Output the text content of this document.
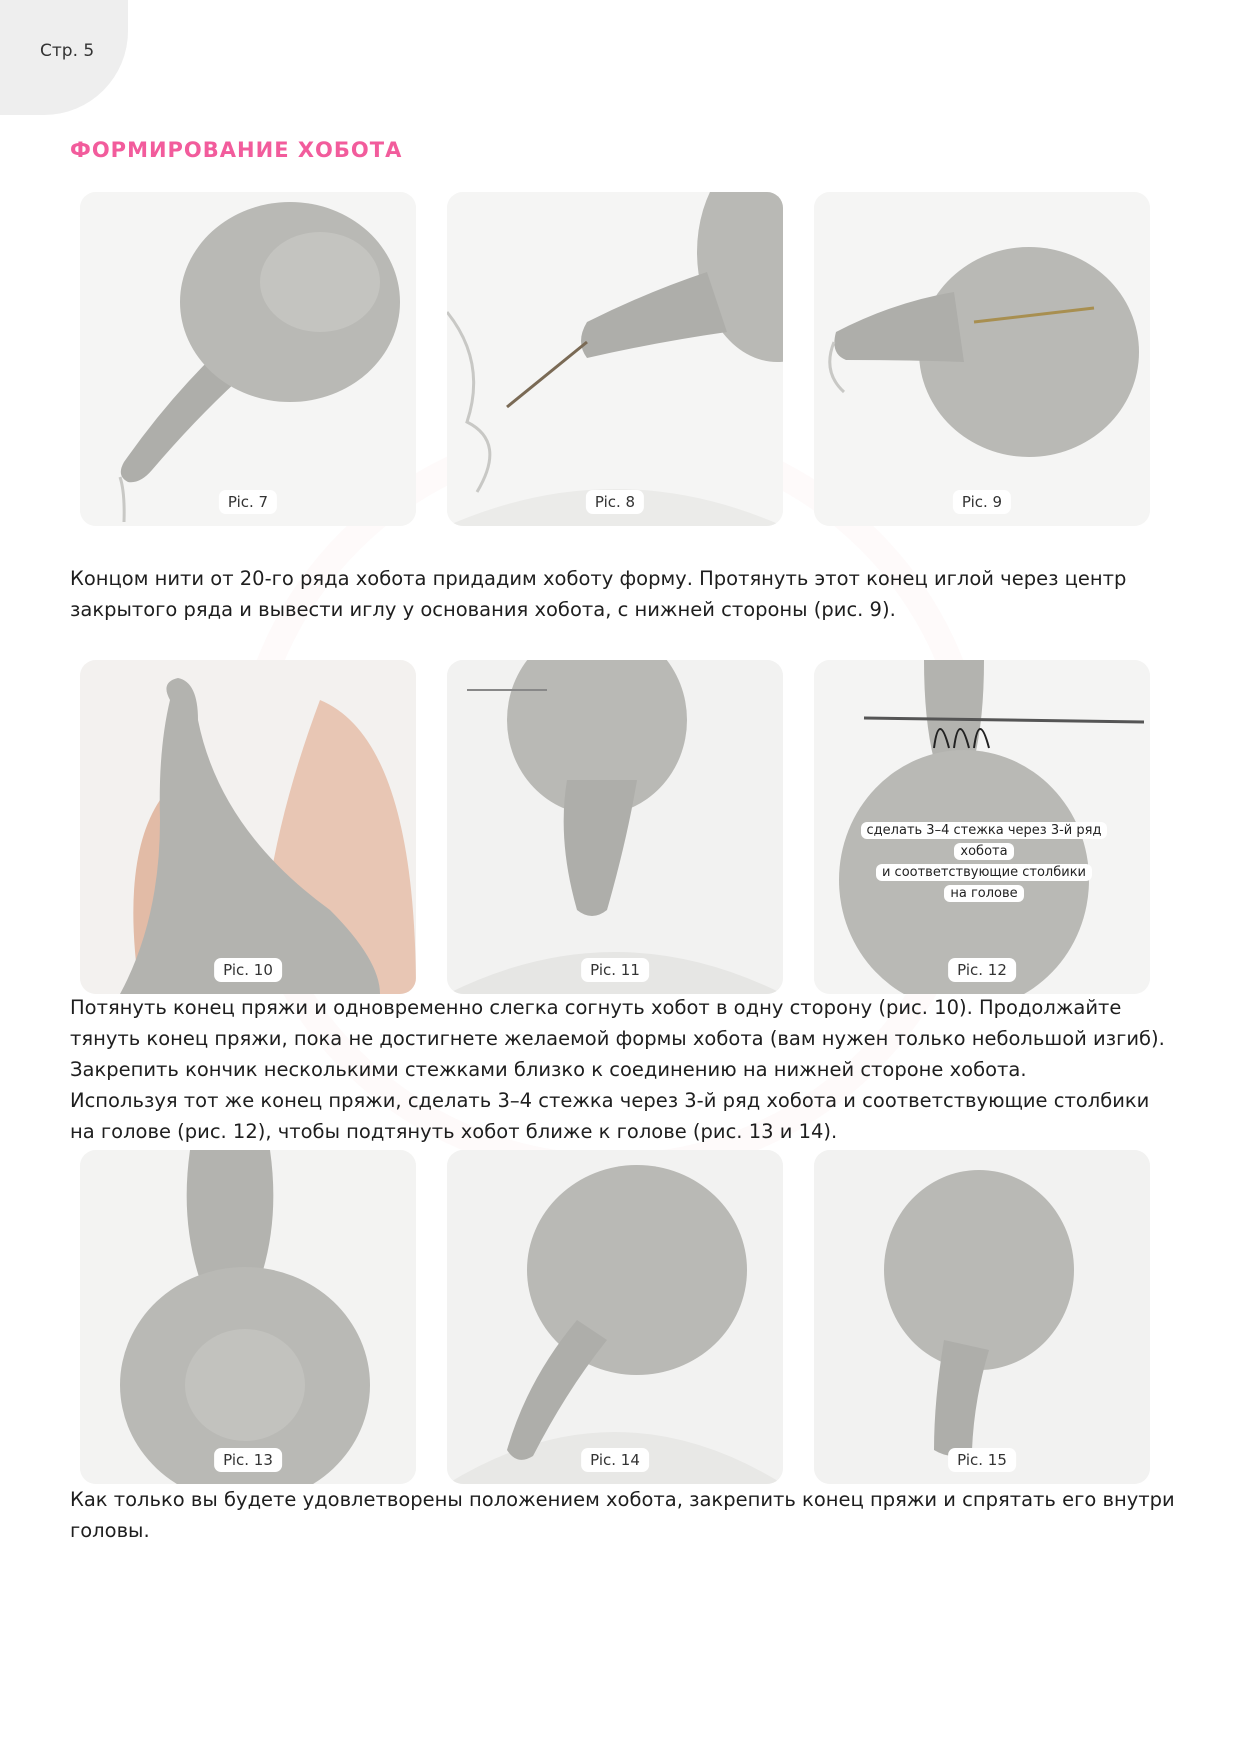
Стр. 5
ФОРМИРОВАНИЕ ХОБОТА
Pic. 7	Pic. 8	Pic. 9

Концом нити от 20-го ряда хобота придадим хоботу форму. Протянуть этот конец иглой через центр закрытого ряда и вывести иглу у основания хобота, с нижней стороны (рис. 9).

Pic. 10	Pic. 11
сделать 3–4 стежка через 3-й ряд
хобота
и соответствующие столбики
на голове
Pic. 12

Потянуть конец пряжи и одновременно слегка согнуть хобот в одну сторону (рис. 10). Продолжайте тянуть конец пряжи, пока не достигнете желаемой формы хобота (вам нужен только небольшой изгиб). Закрепить кончик несколькими стежками близко к соединению на нижней стороне хобота.

Используя тот же конец пряжи, сделать 3–4 стежка через 3-й ряд хобота и соответствующие столбики на голове (рис. 12), чтобы подтянуть хобот ближе к голове (рис. 13 и 14).

Pic. 13	Pic. 14	Pic. 15

Как только вы будете удовлетворены положением хобота, закрепить конец пряжи и спрятать его внутри головы.
